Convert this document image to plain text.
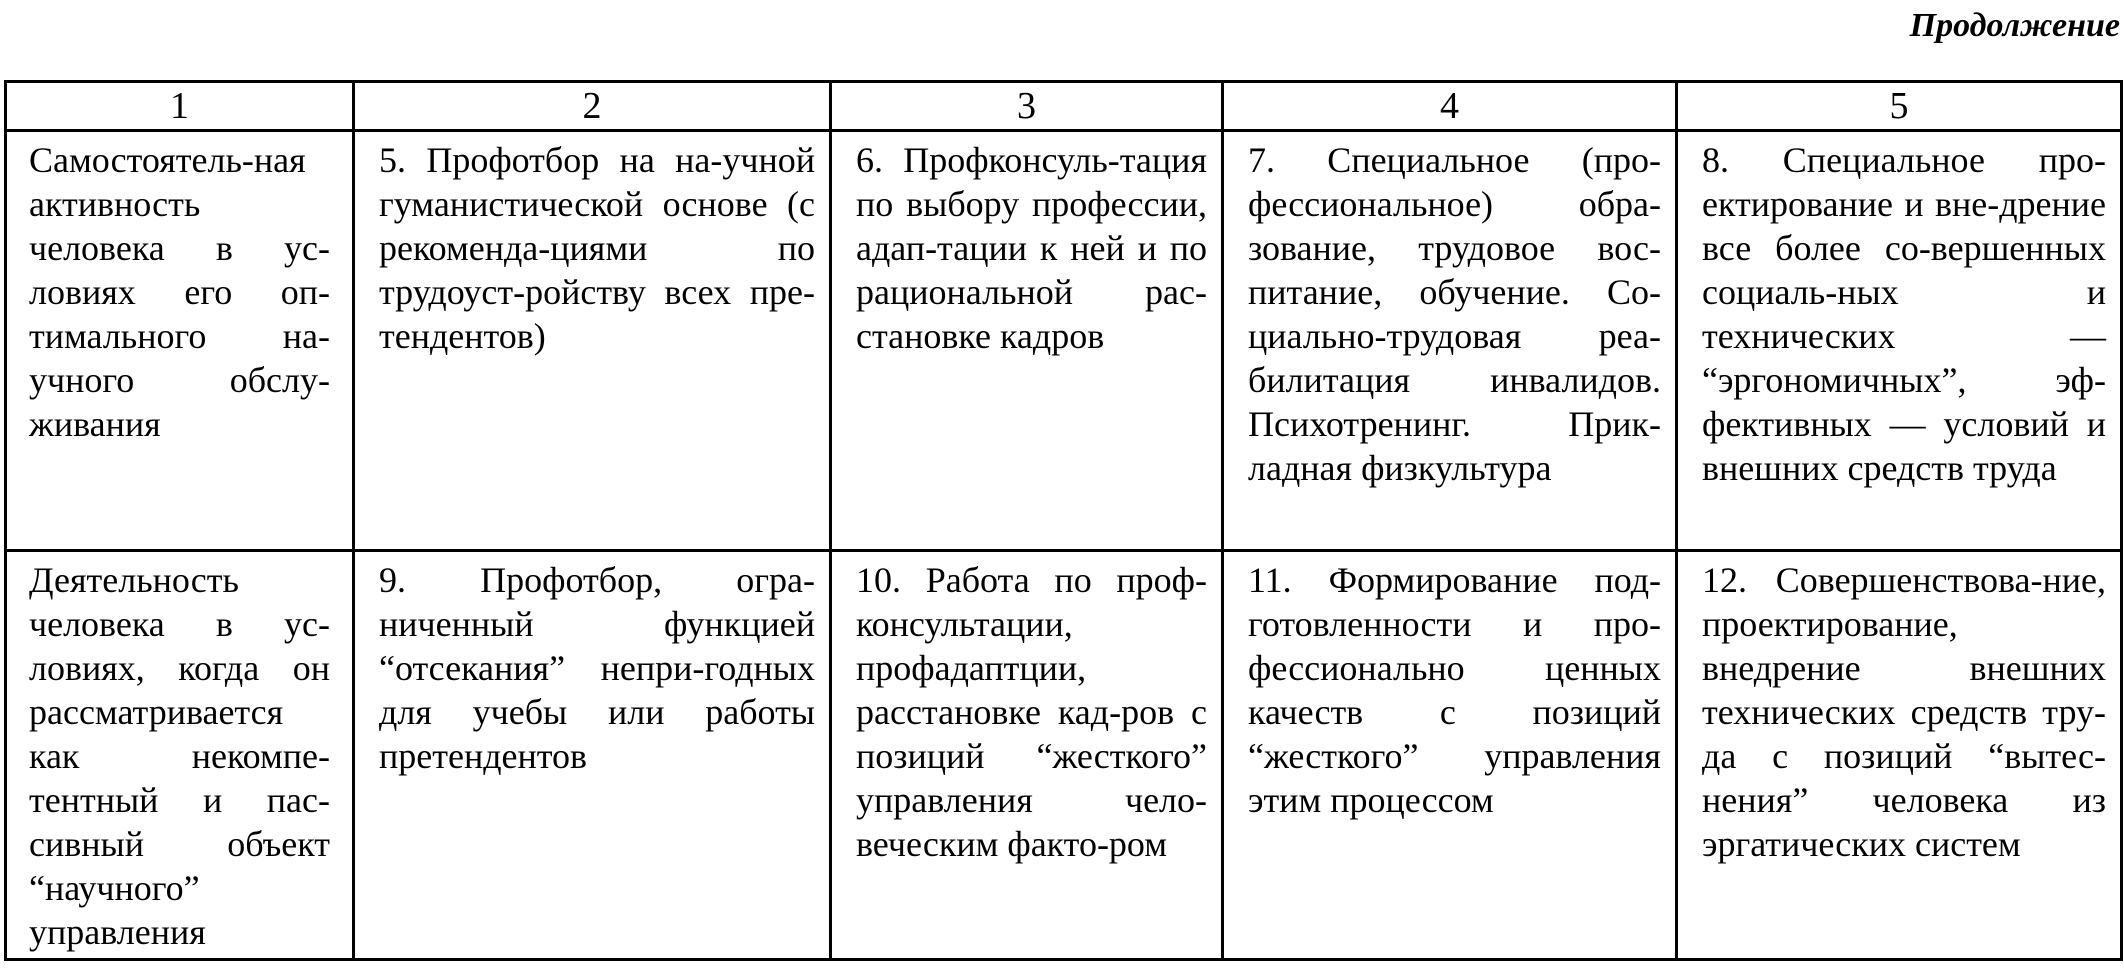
Продолжение
1	2	3	4	5

Самостоятель-ная активность человека в ус-ловиях его оп-тимального на-учного обслу-живания	5. Профотбор на на-учной гуманистической основе (с рекоменда-циями по трудоуст-ройству всех пре-тендентов)	6. Профконсуль-тация по выбору профессии, адап-тации к ней и по рациональной рас-становке кадров	7. Специальное (про-фессиональное) обра-зование, трудовое вос-питание, обучение. Со-циально-трудовая реа-билитация инвалидов. Психотренинг. Прик-ладная физкультура	8. Специальное про-ектирование и вне-дрение все более со-вершенных социаль-ных и технических — “эргономичных”, эф-фективных — условий и внешних средств труда

Деятельность человека в ус-ловиях, когда он рассматривается как некомпе-тентный и пас-сивный объект “научного” управления	9. Профотбор, огра-ниченный функцией “отсекания” непри-годных для учебы или работы претендентов	10. Работа по проф-консультации, профадаптции, расстановке кад-ров с позиций “жесткого” управления чело-веческим факто-ром	11. Формирование под-готовленности и про-фессионально ценных качеств с позиций “жесткого” управления этим процессом	12. Совершенствова-ние, проектирование, внедрение внешних технических средств тру-да с позиций “вытес-нения” человека из эргатических систем
